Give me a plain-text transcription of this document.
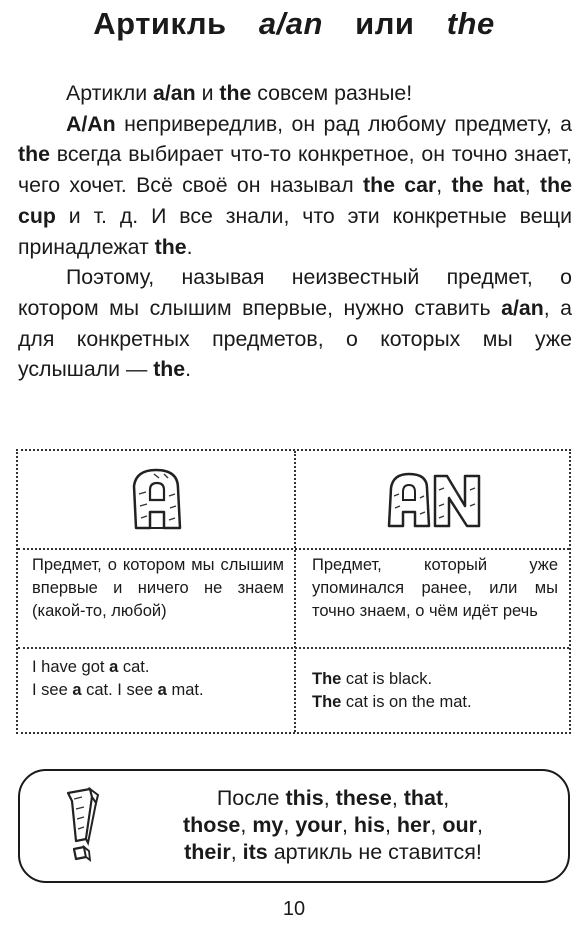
Артикль a/an или the

Артикли a/an и the совсем разные!

A/An непривередлив, он рад любому предмету, а the всегда выбирает что-то конкретное, он точно знает, чего хочет. Всё своё он называл the car, the hat, the cup и т. д. И все знали, что эти конкретные вещи принадлежат the.

Поэтому, называя неизвестный предмет, о котором мы слышим впервые, нужно ставить a/an, а для конкретных предметов, о которых мы уже услышали — the.

Предмет, о котором мы слышим впервые и ничего не знаем (какой-то, любой)
Предмет, который уже упоминался ранее, или мы точно знаем, о чём идёт речь
I have got a cat.
I see a cat. I see a mat.
The cat is black.
The cat is on the mat.
После this, these, that,
those, my, your, his, her, our,
their, its артикль не ставится!
10
